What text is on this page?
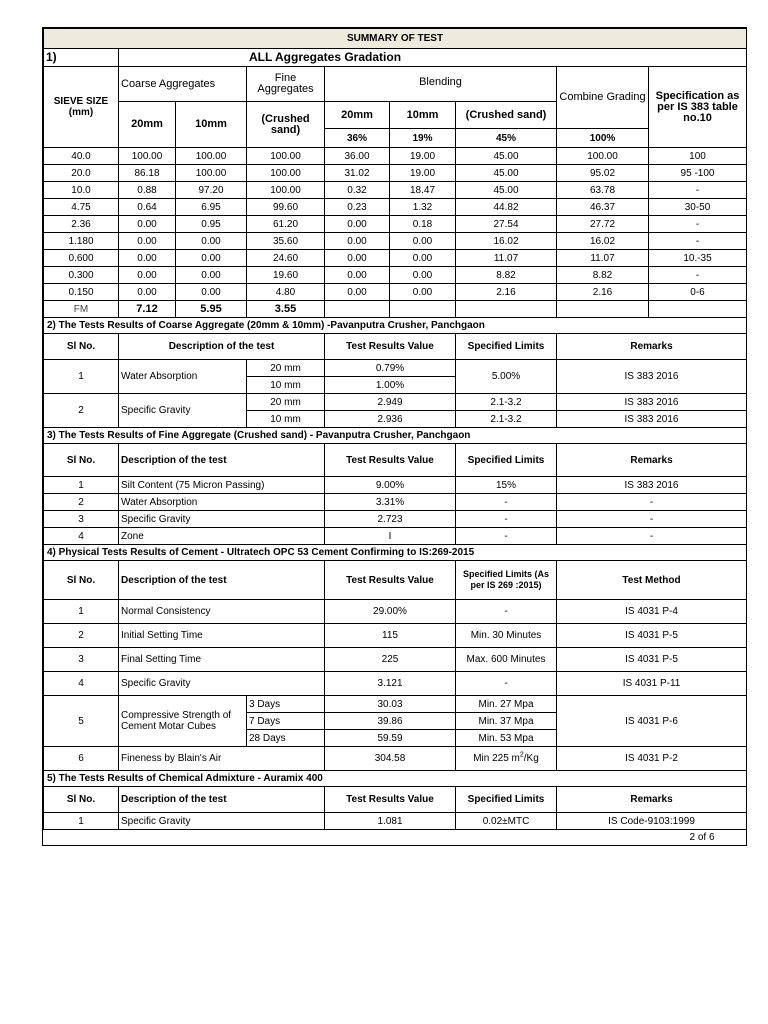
SUMMARY OF TEST								
1)	ALL Aggregates Gradation							
SIEVE SIZE (mm)	Coarse Aggregates		Fine Aggregates	Blending			Combine Grading	Specification as per IS 383 table no.10
	20mm	10mm	(Crushed sand)	20mm	10mm	(Crushed sand)		
				36%	19%	45%	100%	
40.0	100.00	100.00	100.00	36.00	19.00	45.00	100.00	100
20.0	86.18	100.00	100.00	31.02	19.00	45.00	95.02	95 -100
10.0	0.88	97.20	100.00	0.32	18.47	45.00	63.78	-
4.75	0.64	6.95	99.60	0.23	1.32	44.82	46.37	30-50
2.36	0.00	0.95	61.20	0.00	0.18	27.54	27.72	-
1.180	0.00	0.00	35.60	0.00	0.00	16.02	16.02	-
0.600	0.00	0.00	24.60	0.00	0.00	11.07	11.07	10.-35
0.300	0.00	0.00	19.60	0.00	0.00	8.82	8.82	-
0.150	0.00	0.00	4.80	0.00	0.00	2.16	2.16	0-6
FM	7.12	5.95	3.55					
2) The Tests Results of Coarse Aggregate (20mm & 10mm) -Pavanputra Crusher, Panchgaon								
Sl No.	Description of the test			Test Results Value		Specified Limits	Remarks	
1	Water Absorption		20 mm	0.79%		5.00%	IS 383 2016	
			10 mm	1.00%				
2	Specific Gravity		20 mm	2.949		2.1-3.2	IS 383 2016	
			10 mm	2.936		2.1-3.2	IS 383 2016	
3) The Tests Results of Fine Aggregate (Crushed sand) - Pavanputra Crusher, Panchgaon								
Sl No.	Description of the test			Test Results Value		Specified Limits	Remarks	
1	Silt Content (75 Micron Passing)			9.00%		15%	IS 383 2016	
2	Water Absorption			3.31%		-	-	
3	Specific Gravity			2.723		-	-	
4	Zone			I		-	-	
4) Physical Tests Results of Cement - Ultratech OPC 53 Cement Confirming to IS:269-2015								
Sl No.	Description of the test			Test Results Value		Specified Limits (As per IS 269 :2015)	Test Method	
1	Normal Consistency			29.00%		-	IS 4031 P-4	
2	Initial Setting Time			115		Min. 30 Minutes	IS 4031 P-5	
3	Final Setting Time			225		Max. 600 Minutes	IS 4031 P-5	
4	Specific Gravity			3.121		-	IS 4031 P-11	
5	Compressive Strength of Cement Motar Cubes		3 Days	30.03		Min. 27 Mpa	IS 4031 P-6	
			7 Days	39.86		Min. 37 Mpa		
			28 Days	59.59		Min. 53 Mpa		
6	Fineness by Blain's Air			304.58		Min 225 $m^2/Kg$	IS 4031 P-2	
5) The Tests Results of Chemical Admixture - Auramix 400								
Sl No.	Description of the test			Test Results Value		Specified Limits	Remarks	
1	Specific Gravity			1.081		0.02±MTC	IS Code-9103:1999	
2 of 6								
